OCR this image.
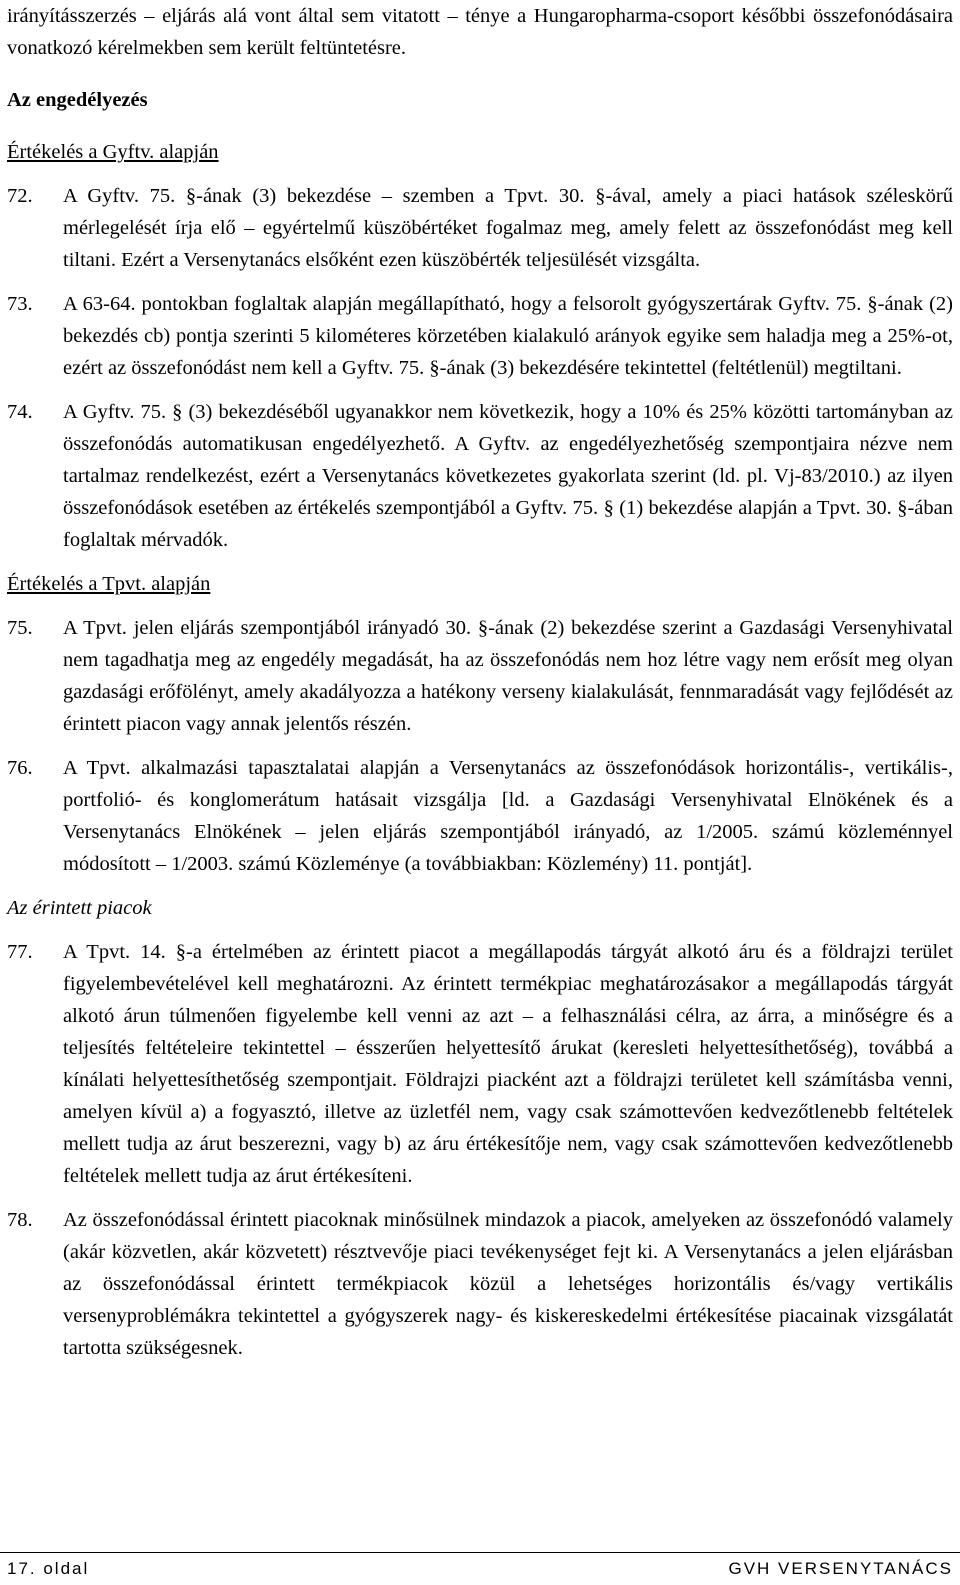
irányításszerzés – eljárás alá vont által sem vitatott – ténye a Hungaropharma-csoport későbbi összefonódásaira vonatkozó kérelmekben sem került feltüntetésre.

Az engedélyezés
Értékelés a Gyftv. alapján
72.	A Gyftv. 75. §-ának (3) bekezdése – szemben a Tpvt. 30. §-ával, amely a piaci hatások széleskörű mérlegelését írja elő – egyértelmű küszöbértéket fogalmaz meg, amely felett az összefonódást meg kell tiltani. Ezért a Versenytanács elsőként ezen küszöbérték teljesülését vizsgálta.
73.	A 63-64. pontokban foglaltak alapján megállapítható, hogy a felsorolt gyógyszertárak Gyftv. 75. §-ának (2) bekezdés cb) pontja szerinti 5 kilométeres körzetében kialakuló arányok egyike sem haladja meg a 25%-ot, ezért az összefonódást nem kell a Gyftv. 75. §-ának (3) bekezdésére tekintettel (feltétlenül) megtiltani.
74.	A Gyftv. 75. § (3) bekezdéséből ugyanakkor nem következik, hogy a 10% és 25% közötti tartományban az összefonódás automatikusan engedélyezhető. A Gyftv. az engedélyezhetőség szempontjaira nézve nem tartalmaz rendelkezést, ezért a Versenytanács következetes gyakorlata szerint (ld. pl. Vj-83/2010.) az ilyen összefonódások esetében az értékelés szempontjából a Gyftv. 75. § (1) bekezdése alapján a Tpvt. 30. §-ában foglaltak mérvadók.
Értékelés a Tpvt. alapján
75.	A Tpvt. jelen eljárás szempontjából irányadó 30. §-ának (2) bekezdése szerint a Gazdasági Versenyhivatal nem tagadhatja meg az engedély megadását, ha az összefonódás nem hoz létre vagy nem erősít meg olyan gazdasági erőfölényt, amely akadályozza a hatékony verseny kialakulását, fennmaradását vagy fejlődését az érintett piacon vagy annak jelentős részén.
76.	A Tpvt. alkalmazási tapasztalatai alapján a Versenytanács az összefonódások horizontális-, vertikális-, portfolió- és konglomerátum hatásait vizsgálja [ld. a Gazdasági Versenyhivatal Elnökének és a Versenytanács Elnökének – jelen eljárás szempontjából irányadó, az 1/2005. számú közleménnyel módosított – 1/2003. számú Közleménye (a továbbiakban: Közlemény) 11. pontját].
Az érintett piacok
77.	A Tpvt. 14. §-a értelmében az érintett piacot a megállapodás tárgyát alkotó áru és a földrajzi terület figyelembevételével kell meghatározni. Az érintett termékpiac meghatározásakor a megállapodás tárgyát alkotó árun túlmenően figyelembe kell venni az azt – a felhasználási célra, az árra, a minőségre és a teljesítés feltételeire tekintettel – ésszerűen helyettesítő árukat (keresleti helyettesíthetőség), továbbá a kínálati helyettesíthetőség szempontjait. Földrajzi piacként azt a földrajzi területet kell számításba venni, amelyen kívül a) a fogyasztó, illetve az üzletfél nem, vagy csak számottevően kedvezőtlenebb feltételek mellett tudja az árut beszerezni, vagy b) az áru értékesítője nem, vagy csak számottevően kedvezőtlenebb feltételek mellett tudja az árut értékesíteni.
78.	Az összefonódással érintett piacoknak minősülnek mindazok a piacok, amelyeken az összefonódó valamely (akár közvetlen, akár közvetett) résztvevője piaci tevékenységet fejt ki. A Versenytanács a jelen eljárásban az összefonódással érintett termékpiacok közül a lehetséges horizontális és/vagy vertikális versenyproblémákra tekintettel a gyógyszerek nagy- és kiskereskedelmi értékesítése piacainak vizsgálatát tartotta szükségesnek.
17. oldal	GVH VERSENYTANÁCS
